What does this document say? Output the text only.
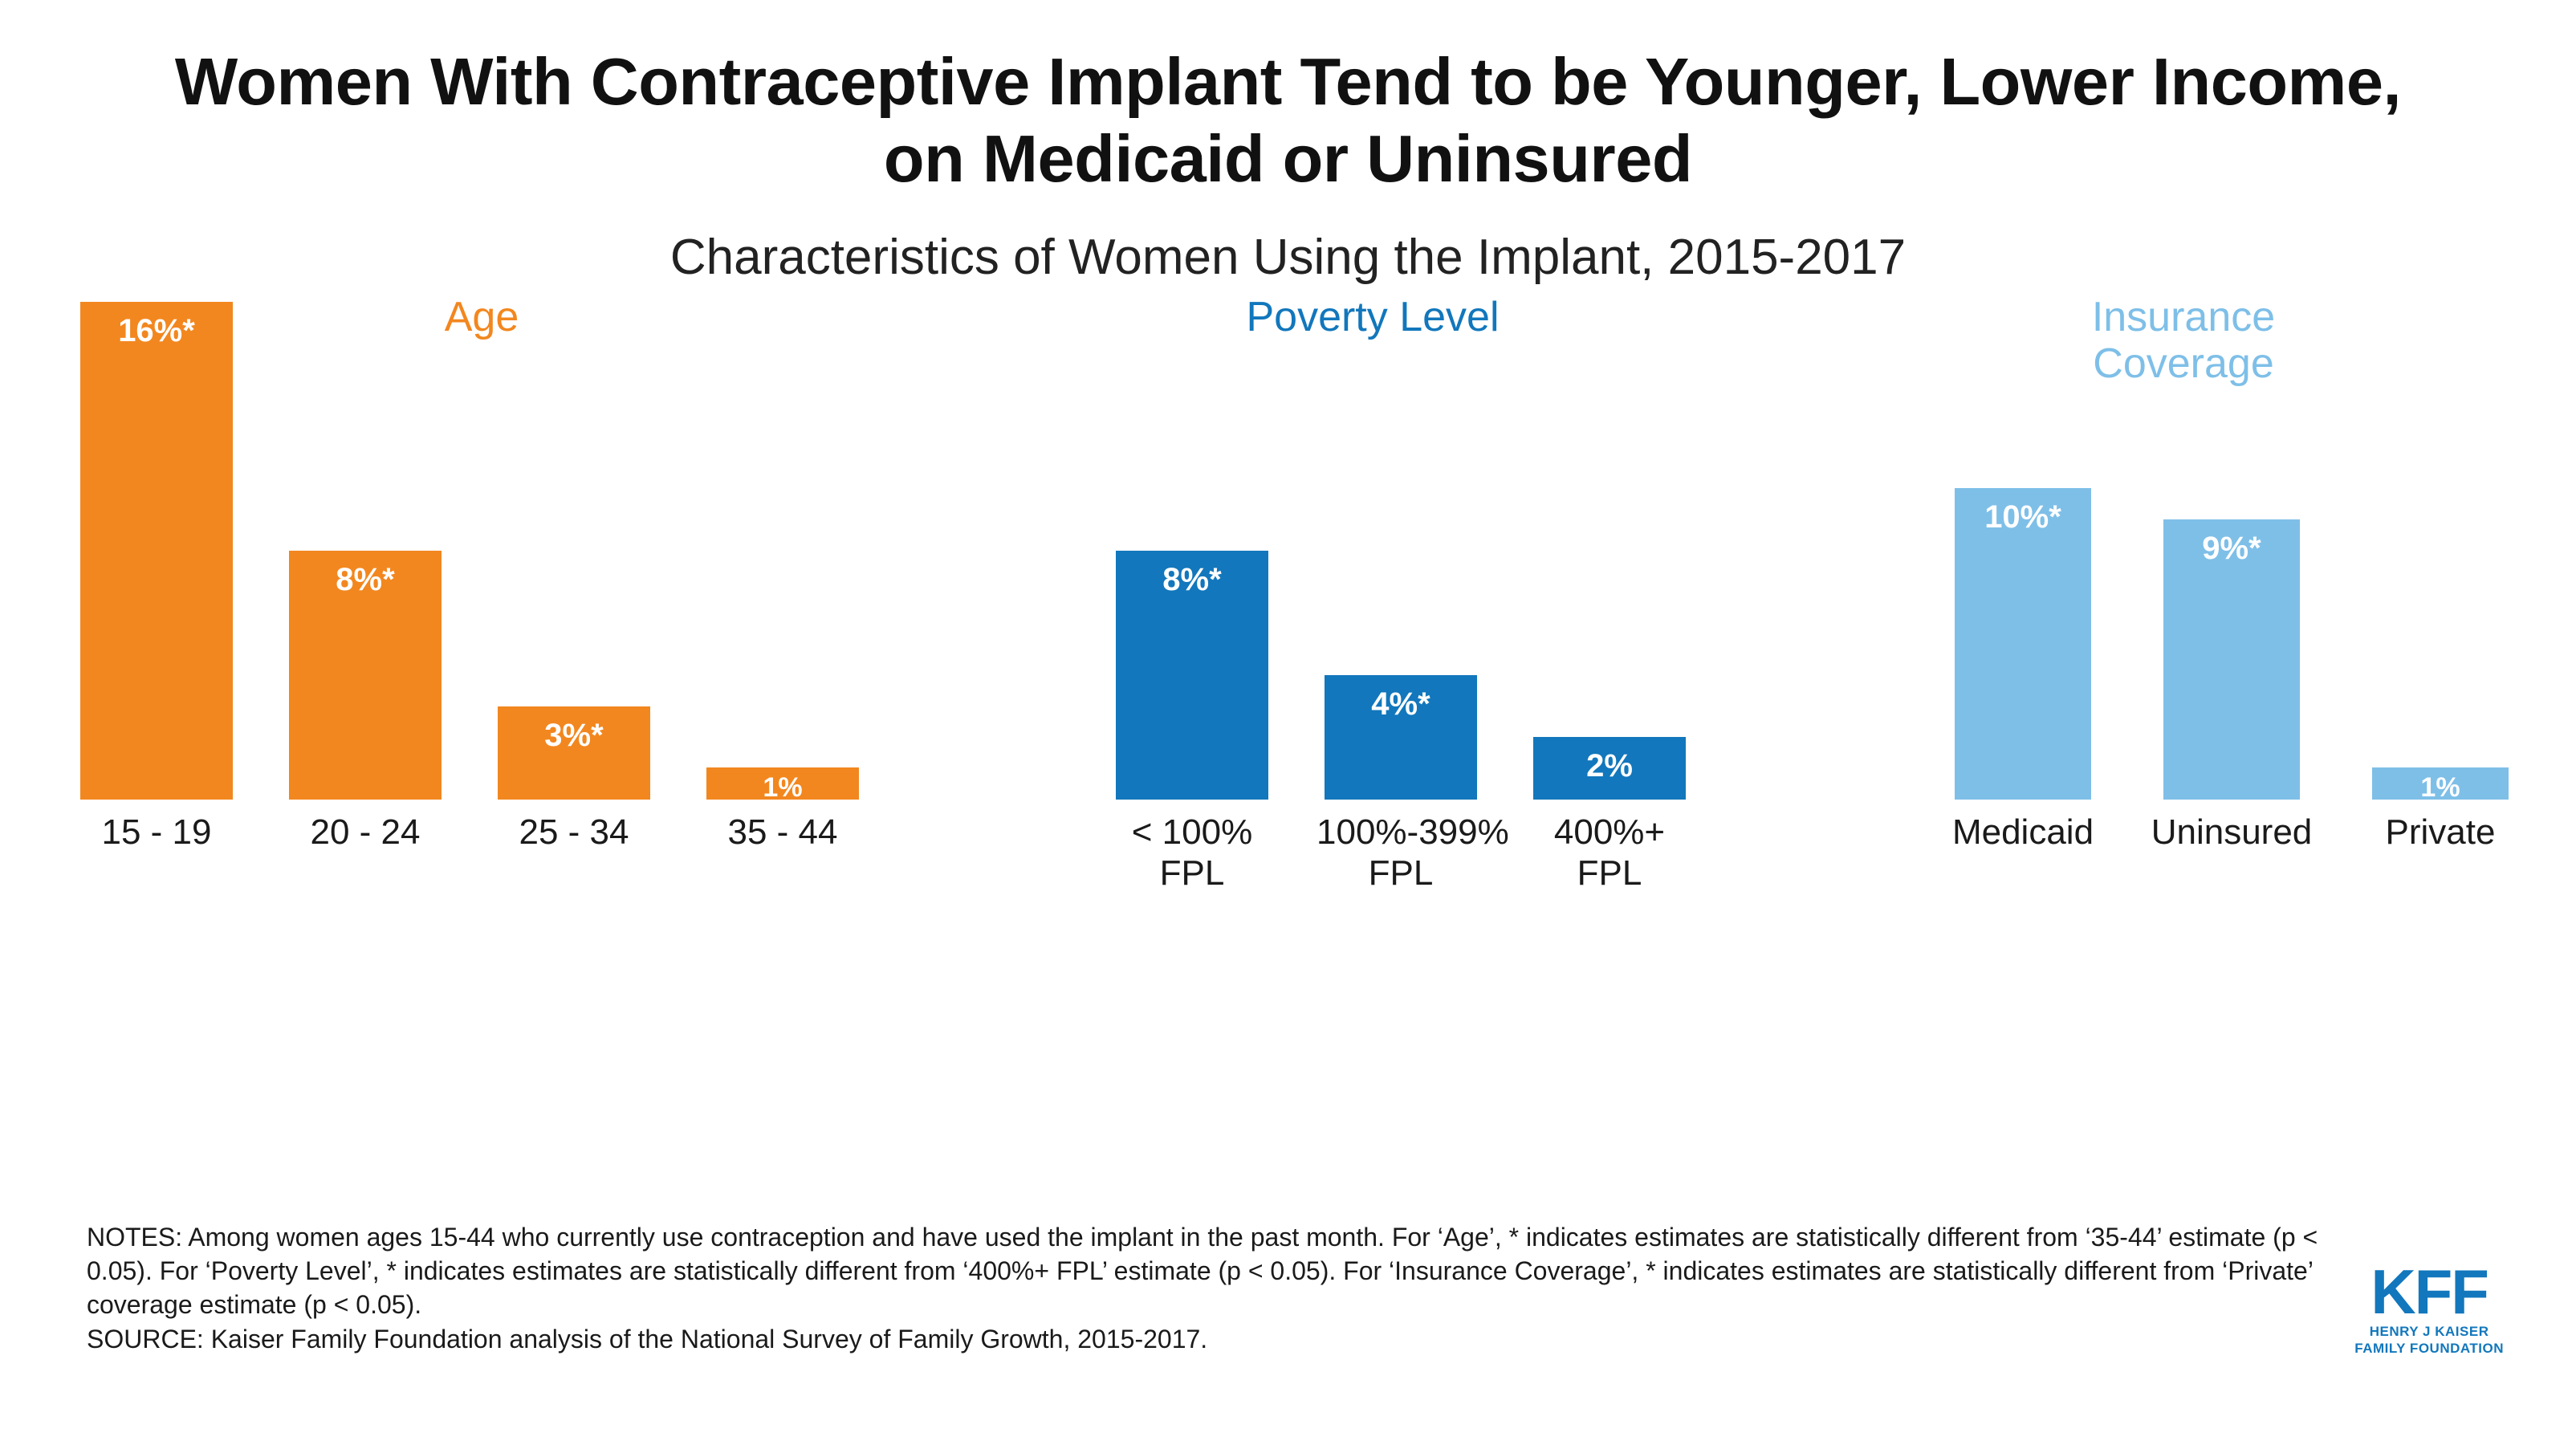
Women With Contraceptive Implant Tend to be Younger, Lower Income, on Medicaid or Uninsured
Characteristics of Women Using the Implant, 2015-2017
Age
16%*
15 - 19
8%*
20 - 24
3%*
25 - 34
1%
35 - 44
Poverty Level
8%*
< 100% FPL
4%*
100%-399% FPL
2%
400%+ FPL
Insurance Coverage
10%*
Medicaid
9%*
Uninsured
1%
Private
NOTES: Among women ages 15-44 who currently use contraception and have used the implant in the past month. For ‘Age’, * indicates estimates are statistically different from ‘35-44’ estimate (p < 0.05). For ‘Poverty Level’, * indicates estimates are statistically different from ‘400%+ FPL’ estimate (p < 0.05). For ‘Insurance Coverage’, * indicates estimates are statistically different from ‘Private’ coverage estimate (p < 0.05).
SOURCE: Kaiser Family Foundation analysis of the National Survey of Family Growth, 2015-2017.
KFF
HENRY J KAISER
FAMILY FOUNDATION
